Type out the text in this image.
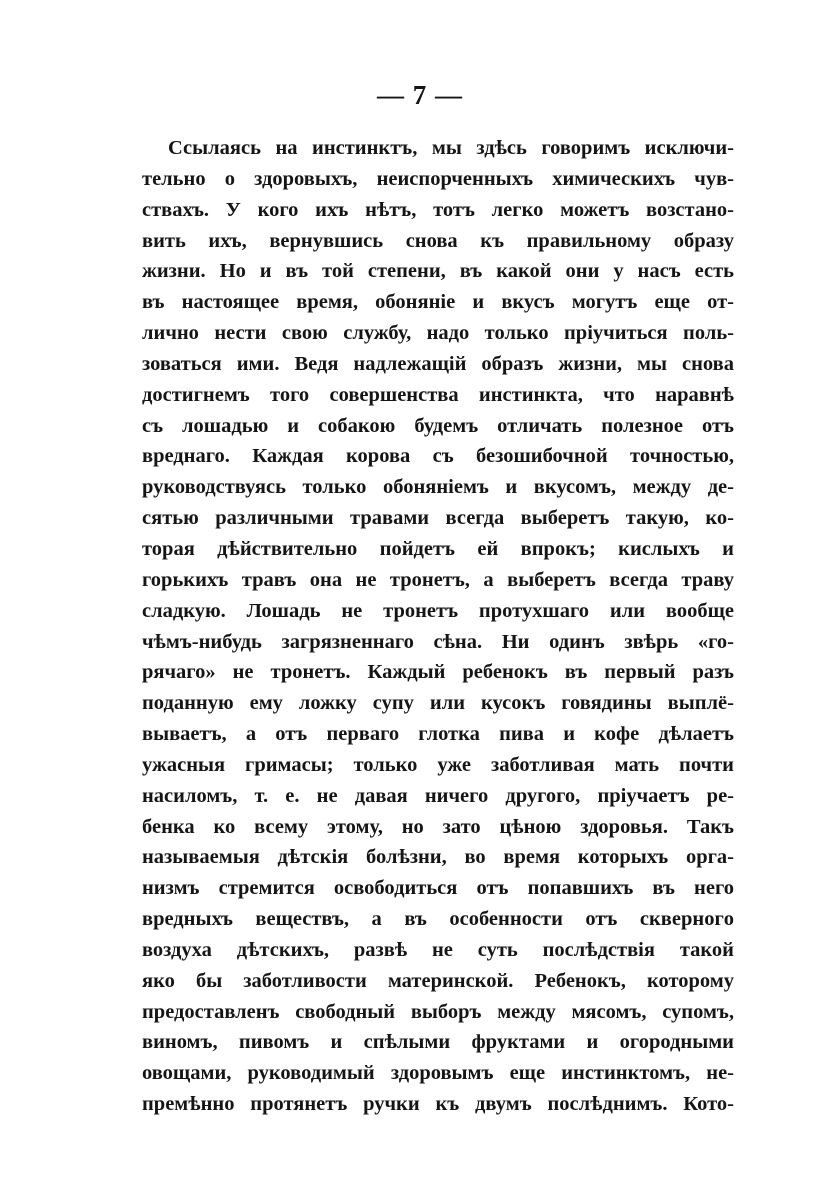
— 7 —
Ссылаясь на инстинктъ, мы здѣсь говоримъ исключи-
тельно о здоровыхъ, неиспорченныхъ химическихъ чув-
ствахъ. У кого ихъ нѣтъ, тотъ легко можетъ возстано-
вить ихъ, вернувшись снова къ правильному образу
жизни. Но и въ той степени, въ какой они у насъ есть
въ настоящее время, обоняніе и вкусъ могутъ еще от-
лично нести свою службу, надо только пріучиться поль-
зоваться ими. Ведя надлежащій образъ жизни, мы снова
достигнемъ того совершенства инстинкта, что наравнѣ
съ лошадью и собакою будемъ отличать полезное отъ
вреднаго. Каждая корова съ безошибочной точностью,
руководствуясь только обоняніемъ и вкусомъ, между де-
сятью различными травами всегда выберетъ такую, ко-
торая дѣйствительно пойдетъ ей впрокъ; кислыхъ и
горькихъ травъ она не тронетъ, а выберетъ всегда траву
сладкую. Лошадь не тронетъ протухшаго или вообще
чѣмъ-нибудь загрязненнаго сѣна. Ни одинъ звѣрь «го-
рячаго» не тронетъ. Каждый ребенокъ въ первый разъ
поданную ему ложку супу или кусокъ говядины выплё-
вываетъ, а отъ перваго глотка пива и кофе дѣлаетъ
ужасныя гримасы; только уже заботливая мать почти
насиломъ, т. е. не давая ничего другого, пріучаетъ ре-
бенка ко всему этому, но зато цѣною здоровья. Такъ
называемыя дѣтскія болѣзни, во время которыхъ орга-
низмъ стремится освободиться отъ попавшихъ въ него
вредныхъ веществъ, а въ особенности отъ скверногo
воздуха дѣтскихъ, развѣ не суть послѣдствія такой
яко бы заботливости материнской. Ребенокъ, которому
предоставленъ свободный выборъ между мясомъ, супомъ,
виномъ, пивомъ и спѣлыми фруктами и огородными
овощами, руководимый здоровымъ еще инстинктомъ, не-
премѣнно протянетъ ручки къ двумъ послѣднимъ. Кото-
